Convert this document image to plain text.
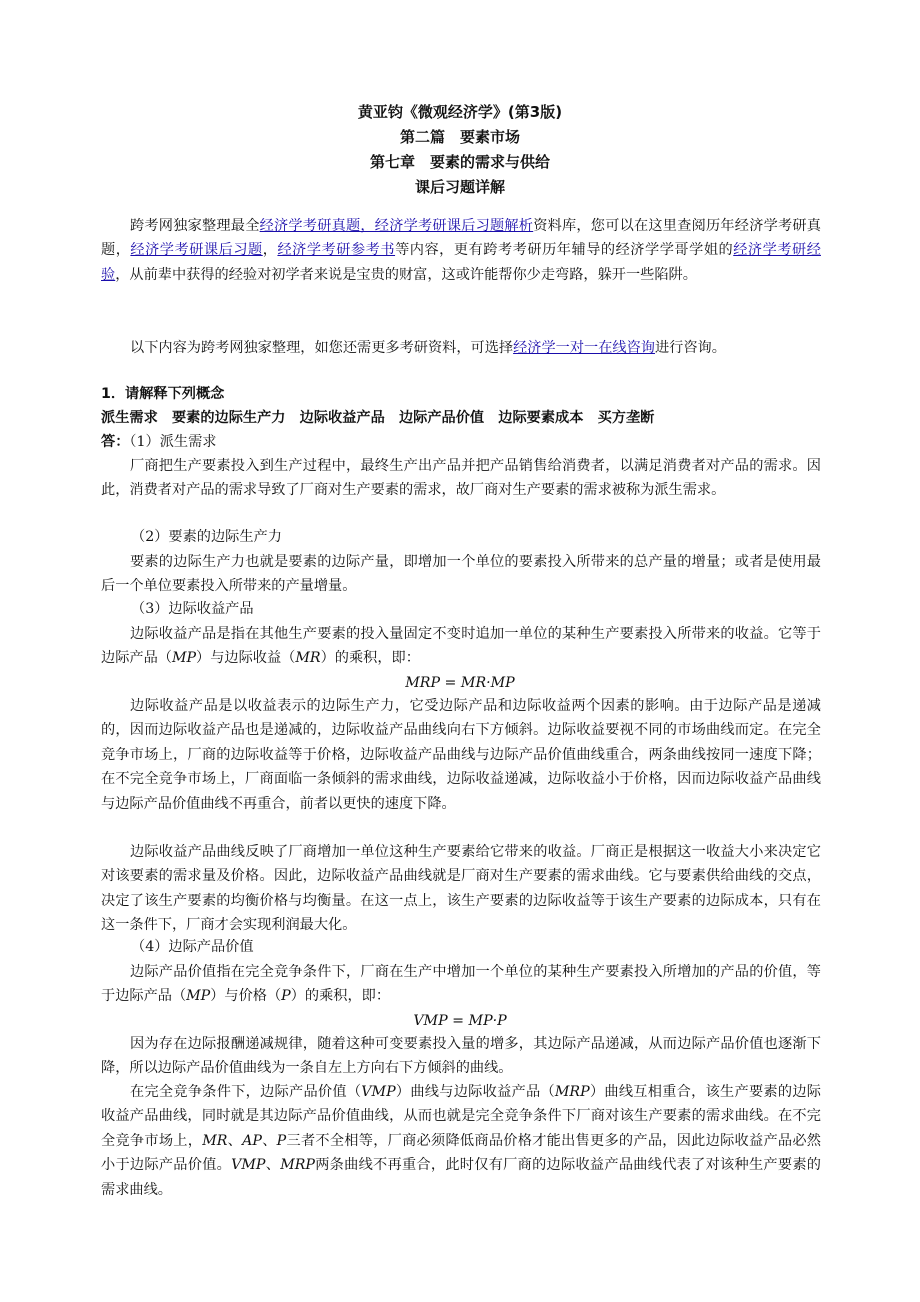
黄亚钧《微观经济学》(第3版)
第二篇　要素市场
第七章　要素的需求与供给
课后习题详解
跨考网独家整理最全经济学考研真题，经济学考研课后习题解析资料库，您可以在这里查阅历年经济学考研真题，经济学考研课后习题，经济学考研参考书等内容，更有跨考考研历年辅导的经济学学哥学姐的经济学考研经验，从前辈中获得的经验对初学者来说是宝贵的财富，这或许能帮你少走弯路，躲开一些陷阱。
以下内容为跨考网独家整理，如您还需更多考研资料，可选择经济学一对一在线咨询进行咨询。
1．请解释下列概念
派生需求　要素的边际生产力　边际收益产品　边际产品价值　边际要素成本　买方垄断
答：（1）派生需求
厂商把生产要素投入到生产过程中，最终生产出产品并把产品销售给消费者，以满足消费者对产品的需求。因此，消费者对产品的需求导致了厂商对生产要素的需求，故厂商对生产要素的需求被称为派生需求。
（2）要素的边际生产力
要素的边际生产力也就是要素的边际产量，即增加一个单位的要素投入所带来的总产量的增量；或者是使用最后一个单位要素投入所带来的产量增量。
（3）边际收益产品
边际收益产品是指在其他生产要素的投入量固定不变时追加一单位的某种生产要素投入所带来的收益。它等于边际产品（MP）与边际收益（MR）的乘积，即：
MRP = MR·MP
边际收益产品是以收益表示的边际生产力，它受边际产品和边际收益两个因素的影响。由于边际产品是递减的，因而边际收益产品也是递减的，边际收益产品曲线向右下方倾斜。边际收益要视不同的市场曲线而定。在完全竞争市场上，厂商的边际收益等于价格，边际收益产品曲线与边际产品价值曲线重合，两条曲线按同一速度下降；在不完全竞争市场上，厂商面临一条倾斜的需求曲线，边际收益递减，边际收益小于价格，因而边际收益产品曲线与边际产品价值曲线不再重合，前者以更快的速度下降。
边际收益产品曲线反映了厂商增加一单位这种生产要素给它带来的收益。厂商正是根据这一收益大小来决定它对该要素的需求量及价格。因此，边际收益产品曲线就是厂商对生产要素的需求曲线。它与要素供给曲线的交点，决定了该生产要素的均衡价格与均衡量。在这一点上，该生产要素的边际收益等于该生产要素的边际成本，只有在这一条件下，厂商才会实现利润最大化。
（4）边际产品价值
边际产品价值指在完全竞争条件下，厂商在生产中增加一个单位的某种生产要素投入所增加的产品的价值，等于边际产品（MP）与价格（P）的乘积，即：
VMP = MP·P
因为存在边际报酬递减规律，随着这种可变要素投入量的增多，其边际产品递减，从而边际产品价值也逐渐下降，所以边际产品价值曲线为一条自左上方向右下方倾斜的曲线。
在完全竞争条件下，边际产品价值（VMP）曲线与边际收益产品（MRP）曲线互相重合，该生产要素的边际收益产品曲线，同时就是其边际产品价值曲线，从而也就是完全竞争条件下厂商对该生产要素的需求曲线。在不完全竞争市场上，MR、AP、P三者不全相等，厂商必须降低商品价格才能出售更多的产品，因此边际收益产品必然小于边际产品价值。VMP、MRP两条曲线不再重合，此时仅有厂商的边际收益产品曲线代表了对该种生产要素的需求曲线。
